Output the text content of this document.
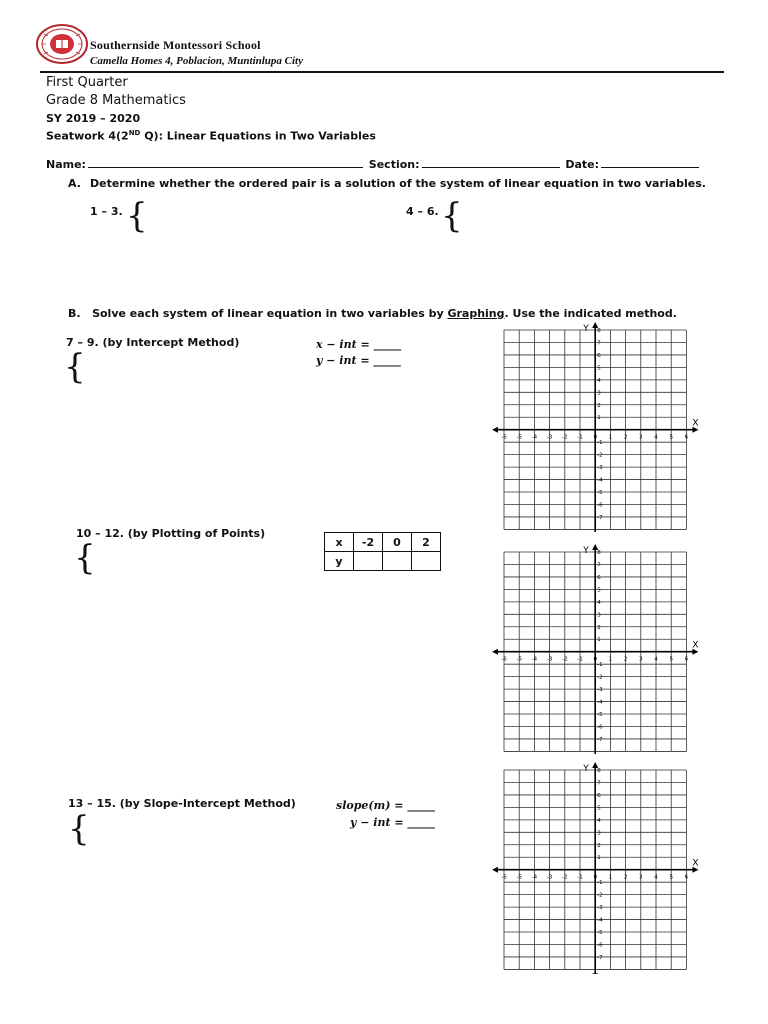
Southernside Montessori School
Camella Homes 4, Poblacion, Muntinlupa City
First Quarter
Grade 8 Mathematics
SY 2019 – 2020
Seatwork 4(2ND Q): Linear Equations in Two Variables
Name:	Section:	Date:
A. Determine whether the ordered pair is a solution of the system of linear equation in two variables.
1 – 3. {	4 – 6. {
B. Solve each system of linear equation in two variables by Graphing. Use the indicated method.
7 – 9. (by Intercept Method)
{
x − int = _____
y − int = _____
10 – 12. (by Plotting of Points)
{	x	-2	0	2
y			
13 – 15. (by Slope-Intercept Method)
{
slope(m) = _____
y − int = _____
X
Y
-6 -5 -4 -3 -2 -1 0 1 2 3 4 5 6
8
7
6
5
4
3
2
1
-1
-2
-3
-4
-5
-6
-7
X
Y
-6 -5 -4 -3 -2 -1 0 1 2 3 4 5 6
8
7
6
5
4
3
2
1
-1
-2
-3
-4
-5
-6
-7
X
Y
-6 -5 -4 -3 -2 -1 0 1 2 3 4 5 6
8
7
6
5
4
3
2
1
-1
-2
-3
-4
-5
-6
-7
